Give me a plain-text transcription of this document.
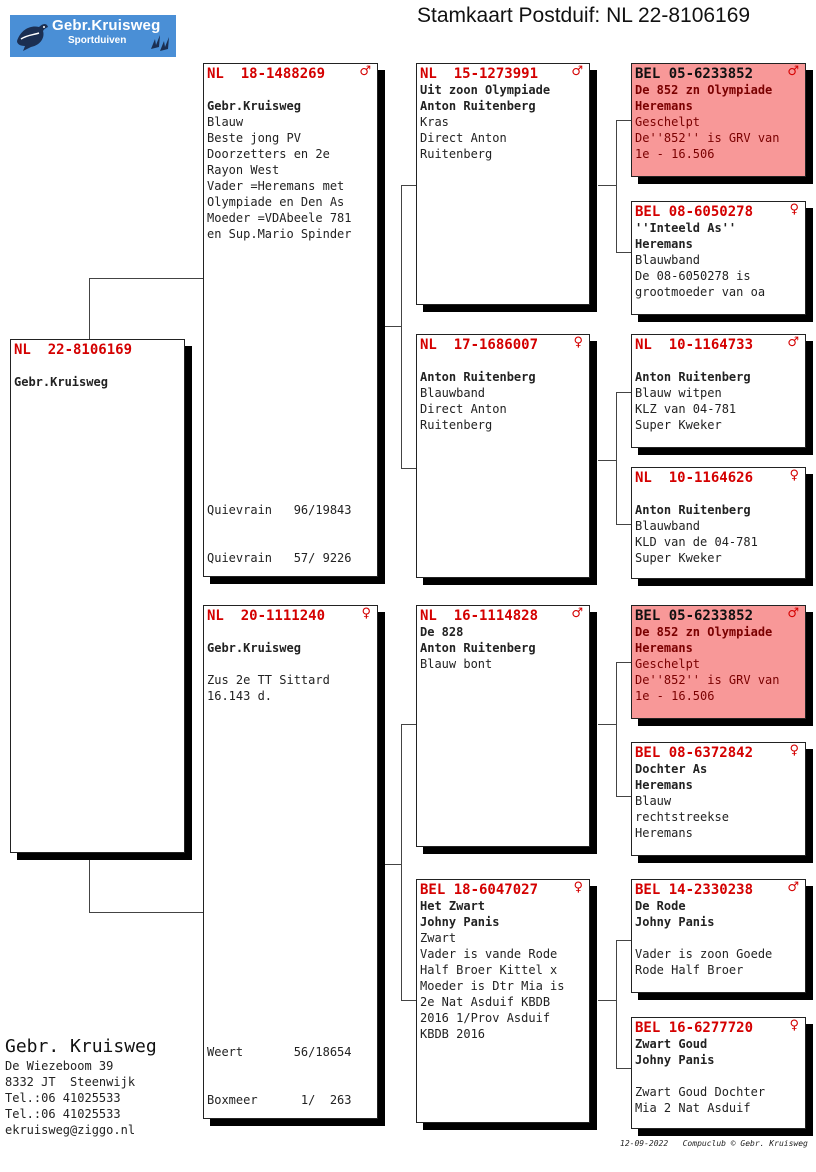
Gebr.Kruisweg
Sportduiven
Stamkaart Postduif: NL 22-8106169
NL  22-8106169

Gebr.Kruisweg
NL  18-1488269	♂

Gebr.Kruisweg
Blauw
Beste jong PV
Doorzetters en 2e
Rayon West
Vader =Heremans met
Olympiade en Den As
Moeder =VDAbeele 781
en Sup.Mario Spinder

Quievrain   96/19843

Quievrain   57/ 9226

NL  20-1111240	♀

Gebr.Kruisweg

Zus 2e TT Sittard
16.143 d.

Weert       56/18654

Boxmeer      1/  263

NL  15-1273991	♂
Uit zoon Olympiade
Anton Ruitenberg
Kras
Direct Anton
Ruitenberg
NL  17-1686007	♀

Anton Ruitenberg
Blauwband
Direct Anton
Ruitenberg
NL  16-1114828	♂
De 828
Anton Ruitenberg
Blauw bont
BEL 18-6047027	♀
Het Zwart
Johny Panis
Zwart
Vader is vande Rode
Half Broer Kittel x
Moeder is Dtr Mia is
2e Nat Asduif KBDB
2016 1/Prov Asduif
KBDB 2016
BEL 05-6233852	♂
De 852 zn Olympiade
Heremans
Geschelpt
De''852'' is GRV van
1e - 16.506
BEL 08-6050278	♀
''Inteeld As''
Heremans
Blauwband
De 08-6050278 is
grootmoeder van oa
NL  10-1164733	♂

Anton Ruitenberg
Blauw witpen
KLZ van 04-781
Super Kweker
NL  10-1164626	♀

Anton Ruitenberg
Blauwband
KLD van de 04-781
Super Kweker
BEL 05-6233852	♂
De 852 zn Olympiade
Heremans
Geschelpt
De''852'' is GRV van
1e - 16.506
BEL 08-6372842	♀
Dochter As
Heremans
Blauw
rechtstreekse
Heremans
BEL 14-2330238	♂
De Rode
Johny Panis

Vader is zoon Goede
Rode Half Broer
BEL 16-6277720	♀
Zwart Goud
Johny Panis

Zwart Goud Dochter
Mia 2 Nat Asduif
Gebr. Kruisweg
De Wiezeboom 39
8332 JT  Steenwijk
Tel.:06 41025533
Tel.:06 41025533
ekruisweg@ziggo.nl
12-09-2022   Compuclub © Gebr. Kruisweg
